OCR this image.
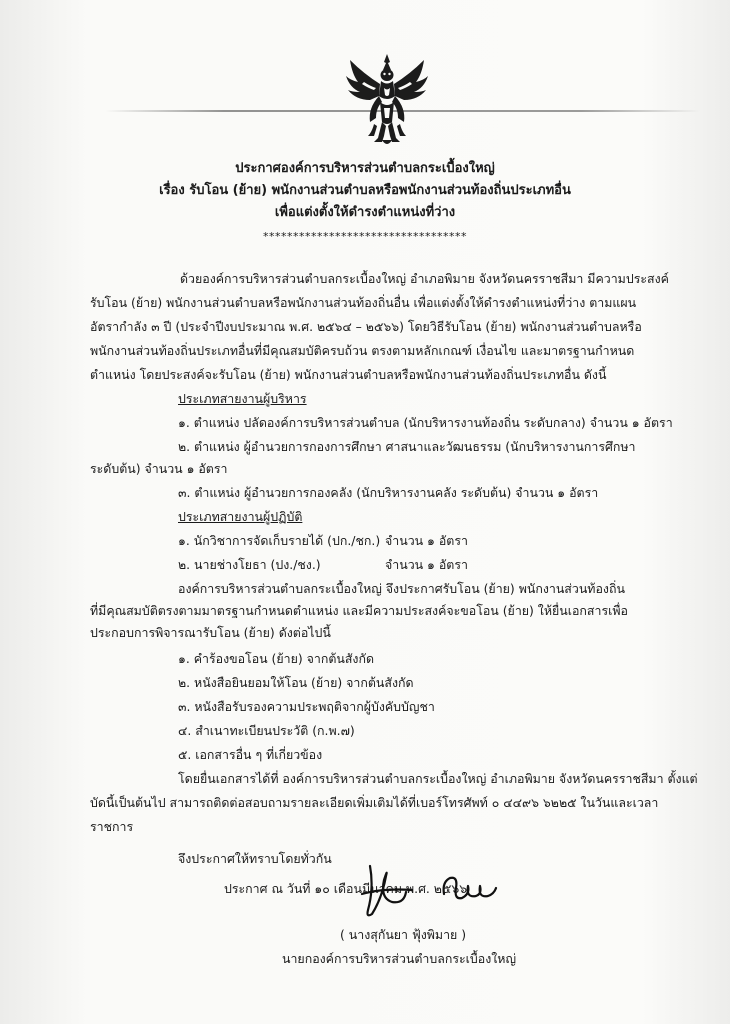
ประกาศองค์การบริหารส่วนตำบลกระเบื้องใหญ่
เรื่อง รับโอน (ย้าย) พนักงานส่วนตำบลหรือพนักงานส่วนท้องถิ่นประเภทอื่น
เพื่อแต่งตั้งให้ดำรงตำแหน่งที่ว่าง
**********************************
ด้วยองค์การบริหารส่วนตำบลกระเบื้องใหญ่ อำเภอพิมาย จังหวัดนครราชสีมา มีความประสงค์
รับโอน (ย้าย) พนักงานส่วนตำบลหรือพนักงานส่วนท้องถิ่นอื่น เพื่อแต่งตั้งให้ดำรงตำแหน่งที่ว่าง ตามแผน
อัตรากำลัง ๓ ปี (ประจำปีงบประมาณ พ.ศ. ๒๕๖๔ – ๒๕๖๖) โดยวิธีรับโอน (ย้าย) พนักงานส่วนตำบลหรือ
พนักงานส่วนท้องถิ่นประเภทอื่นที่มีคุณสมบัติครบถ้วน ตรงตามหลักเกณฑ์ เงื่อนไข และมาตรฐานกำหนด
ตำแหน่ง โดยประสงค์จะรับโอน (ย้าย) พนักงานส่วนตำบลหรือพนักงานส่วนท้องถิ่นประเภทอื่น ดังนี้
ประเภทสายงานผู้บริหาร
๑. ตำแหน่ง ปลัดองค์การบริหารส่วนตำบล (นักบริหารงานท้องถิ่น ระดับกลาง) จำนวน ๑ อัตรา
๒. ตำแหน่ง ผู้อำนวยการกองการศึกษา ศาสนาและวัฒนธรรม (นักบริหารงานการศึกษา
ระดับต้น) จำนวน ๑ อัตรา
๓. ตำแหน่ง ผู้อำนวยการกองคลัง (นักบริหารงานคลัง ระดับต้น) จำนวน ๑ อัตรา
ประเภทสายงานผู้ปฏิบัติ
๑. นักวิชาการจัดเก็บรายได้ (ปก./ชก.) จำนวน ๑ อัตรา
๒. นายช่างโยธา (ปง./ชง.)	จำนวน ๑ อัตรา
องค์การบริหารส่วนตำบลกระเบื้องใหญ่ จึงประกาศรับโอน (ย้าย) พนักงานส่วนท้องถิ่น
ที่มีคุณสมบัติตรงตามมาตรฐานกำหนดตำแหน่ง และมีความประสงค์จะขอโอน (ย้าย) ให้ยื่นเอกสารเพื่อ
ประกอบการพิจารณารับโอน (ย้าย) ดังต่อไปนี้
๑. คำร้องขอโอน (ย้าย) จากต้นสังกัด
๒. หนังสือยินยอมให้โอน (ย้าย) จากต้นสังกัด
๓. หนังสือรับรองความประพฤติจากผู้บังคับบัญชา
๔. สำเนาทะเบียนประวัติ (ก.พ.๗)
๕. เอกสารอื่น ๆ ที่เกี่ยวข้อง
โดยยื่นเอกสารได้ที่ องค์การบริหารส่วนตำบลกระเบื้องใหญ่ อำเภอพิมาย จังหวัดนครราชสีมา ตั้งแต่
บัดนี้เป็นต้นไป สามารถติดต่อสอบถามรายละเอียดเพิ่มเติมได้ที่เบอร์โทรศัพท์ ๐ ๔๔๙๖ ๖๒๒๕ ในวันและเวลา
ราชการ
จึงประกาศให้ทราบโดยทั่วกัน
ประกาศ ณ วันที่ ๑๐ เดือนมีนาคม พ.ศ. ๒๕๖๖
( นางสุกันยา ฟุ้งพิมาย )
นายกองค์การบริหารส่วนตำบลกระเบื้องใหญ่
